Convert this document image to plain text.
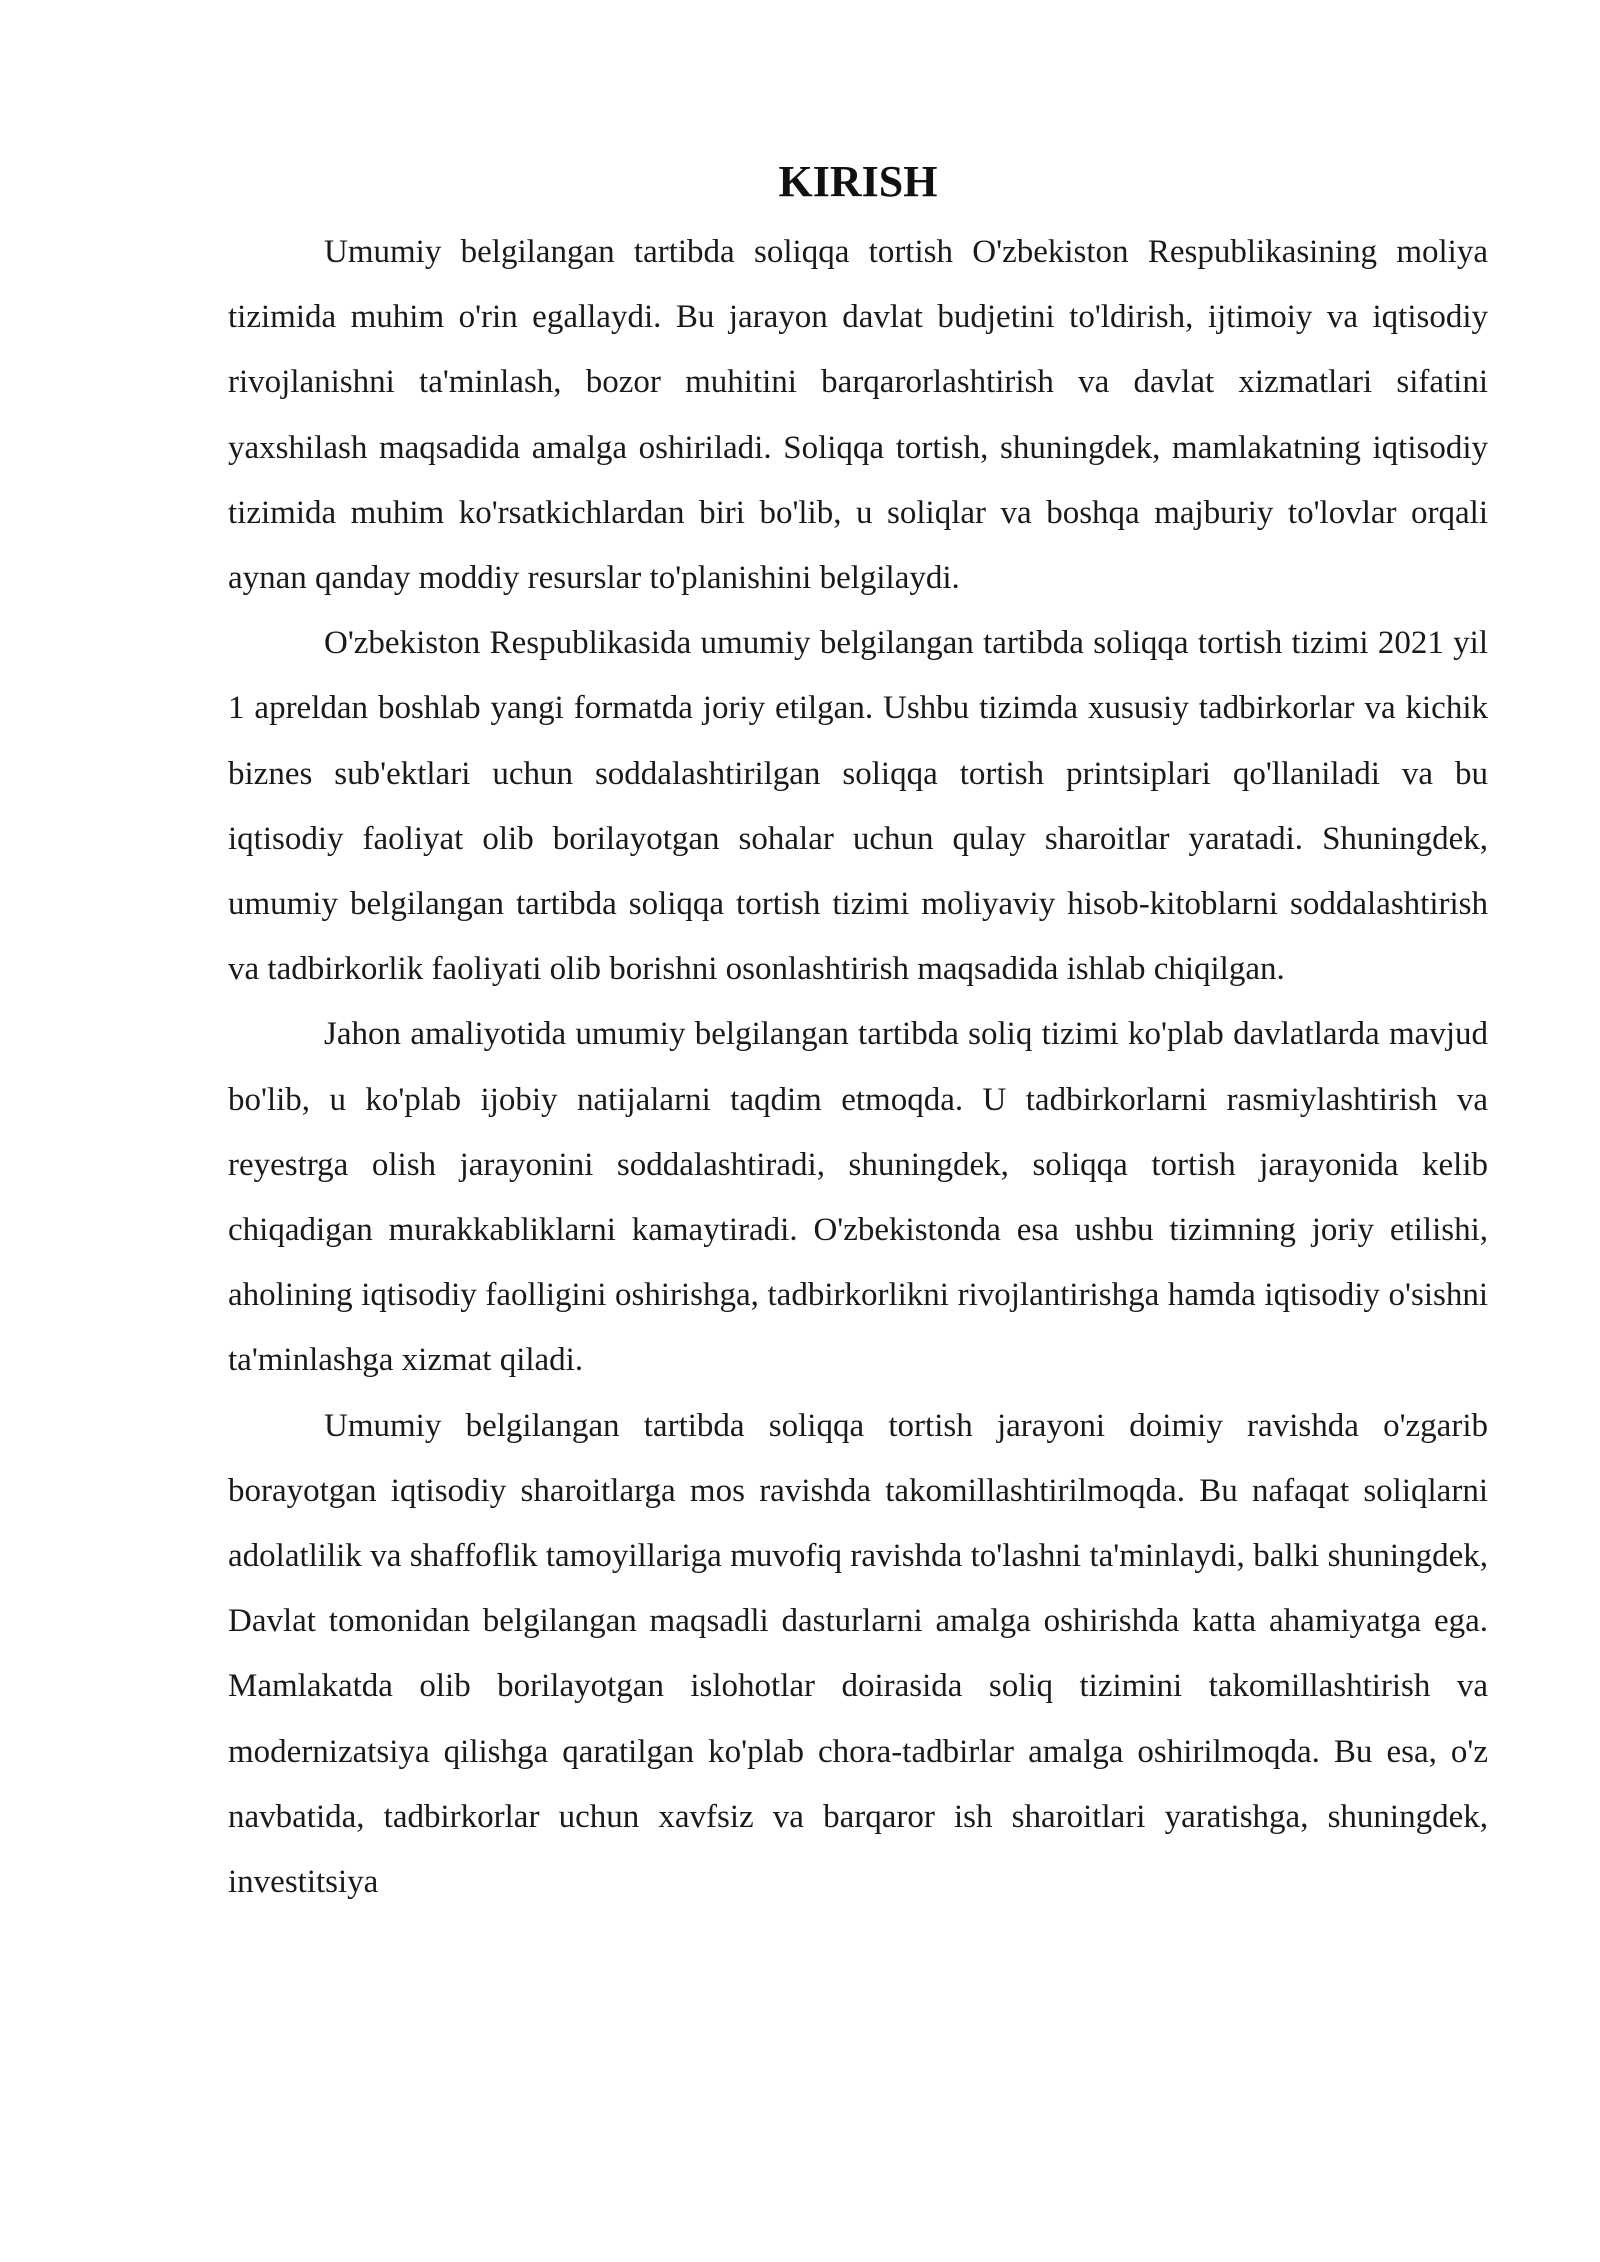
KIRISH

Umumiy belgilangan tartibda soliqqa tortish O'zbekiston Respublikasining moliya tizimida muhim o'rin egallaydi. Bu jarayon davlat budjetini to'ldirish, ijtimoiy va iqtisodiy rivojlanishni ta'minlash, bozor muhitini barqarorlashtirish va davlat xizmatlari sifatini yaxshilash maqsadida amalga oshiriladi. Soliqqa tortish, shuningdek, mamlakatning iqtisodiy tizimida muhim ko'rsatkichlardan biri bo'lib, u soliqlar va boshqa majburiy to'lovlar orqali aynan qanday moddiy resurslar to'planishini belgilaydi.

O'zbekiston Respublikasida umumiy belgilangan tartibda soliqqa tortish tizimi 2021 yil 1 apreldan boshlab yangi formatda joriy etilgan. Ushbu tizimda xususiy tadbirkorlar va kichik biznes sub'ektlari uchun soddalashtirilgan soliqqa tortish printsiplari qo'llaniladi va bu iqtisodiy faoliyat olib borilayotgan sohalar uchun qulay sharoitlar yaratadi. Shuningdek, umumiy belgilangan tartibda soliqqa tortish tizimi moliyaviy hisob-kitoblarni soddalashtirish va tadbirkorlik faoliyati olib borishni osonlashtirish maqsadida ishlab chiqilgan.

Jahon amaliyotida umumiy belgilangan tartibda soliq tizimi ko'plab davlatlarda mavjud bo'lib, u ko'plab ijobiy natijalarni taqdim etmoqda. U tadbirkorlarni rasmiylashtirish va reyestrga olish jarayonini soddalashtiradi, shuningdek, soliqqa tortish jarayonida kelib chiqadigan murakkabliklarni kamaytiradi. O'zbekistonda esa ushbu tizimning joriy etilishi, aholining iqtisodiy faolligini oshirishga, tadbirkorlikni rivojlantirishga hamda iqtisodiy o'sishni ta'minlashga xizmat qiladi.

Umumiy belgilangan tartibda soliqqa tortish jarayoni doimiy ravishda o'zgarib borayotgan iqtisodiy sharoitlarga mos ravishda takomillashtirilmoqda. Bu nafaqat soliqlarni adolatlilik va shaffoflik tamoyillariga muvofiq ravishda to'lashni ta'minlaydi, balki shuningdek, Davlat tomonidan belgilangan maqsadli dasturlarni amalga oshirishda katta ahamiyatga ega. Mamlakatda olib borilayotgan islohotlar doirasida soliq tizimini takomillashtirish va modernizatsiya qilishga qaratilgan ko'plab chora-tadbirlar amalga oshirilmoqda. Bu esa, o'z navbatida, tadbirkorlar uchun xavfsiz va barqaror ish sharoitlari yaratishga, shuningdek, investitsiya
